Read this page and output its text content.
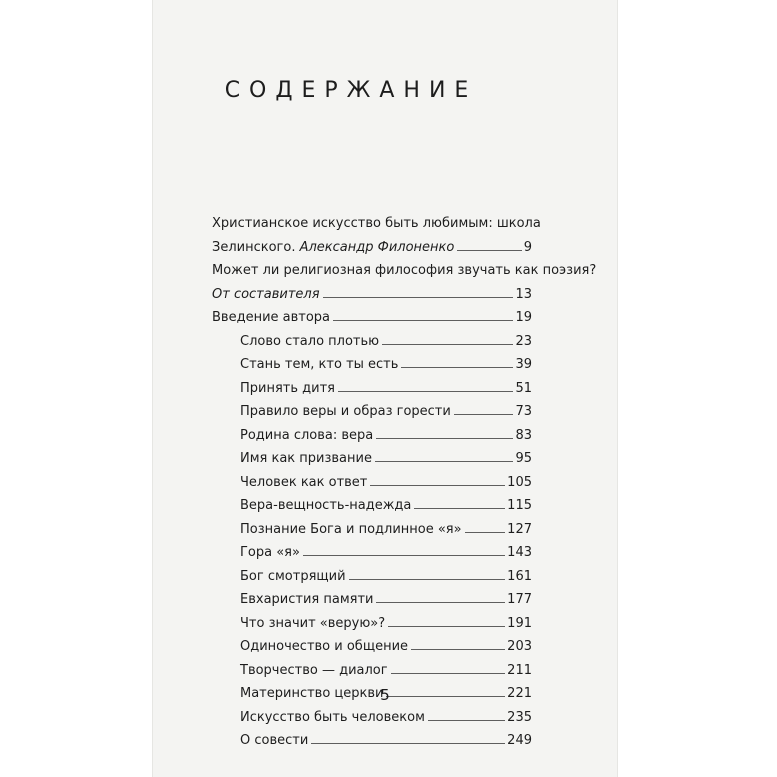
С О Д Е Р Ж А Н И Е
Христианское искусство быть любимым: школа
Зелинского. Александр Филоненко	9
Может ли религиозная философия звучать как поэзия?
От составителя	13
Введение автора	19
Слово стало плотью	23
Стань тем, кто ты есть	39
Принять дитя	51
Правило веры и образ горести	73
Родина слова: вера	83
Имя как призвание	95
Человек как ответ	105
Вера-вещность-надежда	115
Познание Бога и подлинное «я»	127
Гора «я»	143
Бог смотрящий	161
Евхаристия памяти	177
Что значит «верую»?	191
Одиночество и общение	203
Творчество — диалог	211
Материнство церкви	221
Искусство быть человеком	235
О совести	249
5
